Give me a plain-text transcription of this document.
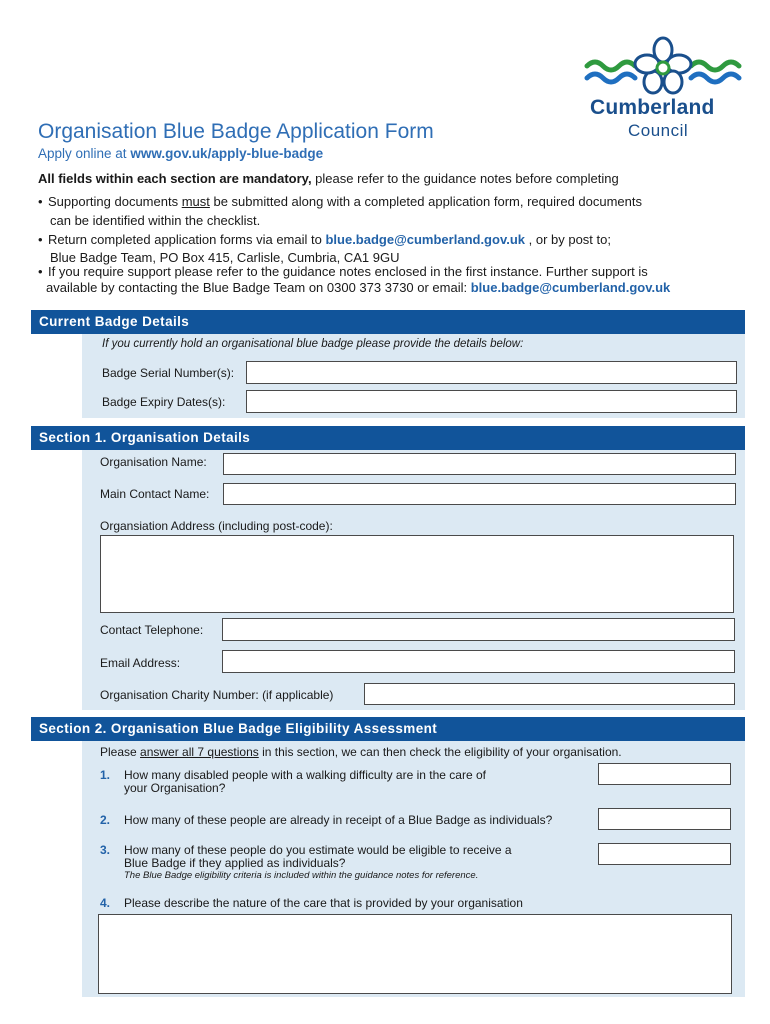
Organisation Blue Badge Application Form
Apply online at www.gov.uk/apply-blue-badge
Cumberland
Council
All fields within each section are mandatory, please refer to the guidance notes before completing
• Supporting documents must be submitted along with a completed application form, required documents
can be identified within the checklist.
• Return completed application forms via email to blue.badge@cumberland.gov.uk , or by post to;
Blue Badge Team, PO Box 415, Carlisle, Cumbria, CA1 9GU
• If you require support please refer to the guidance notes enclosed in the first instance. Further support is
available by contacting the Blue Badge Team on 0300 373 3730 or email: blue.badge@cumberland.gov.uk
Current Badge Details
If you currently hold an organisational blue badge please provide the details below:
Badge Serial Number(s):
Badge Expiry Dates(s):
Section 1. Organisation Details
Organisation Name:
Main Contact Name:
Organsiation Address (including post-code):
Contact Telephone:
Email Address:
Organisation Charity Number: (if applicable)
Section 2. Organisation Blue Badge Eligibility Assessment
Please answer all 7 questions in this section, we can then check the eligibility of your organisation.
1. How many disabled people with a walking difficulty are in the care of
your Organisation?
2. How many of these people are already in receipt of a Blue Badge as individuals?
3. How many of these people do you estimate would be eligible to receive a
Blue Badge if they applied as individuals?
The Blue Badge eligibility criteria is included within the guidance notes for reference.
4. Please describe the nature of the care that is provided by your organisation
